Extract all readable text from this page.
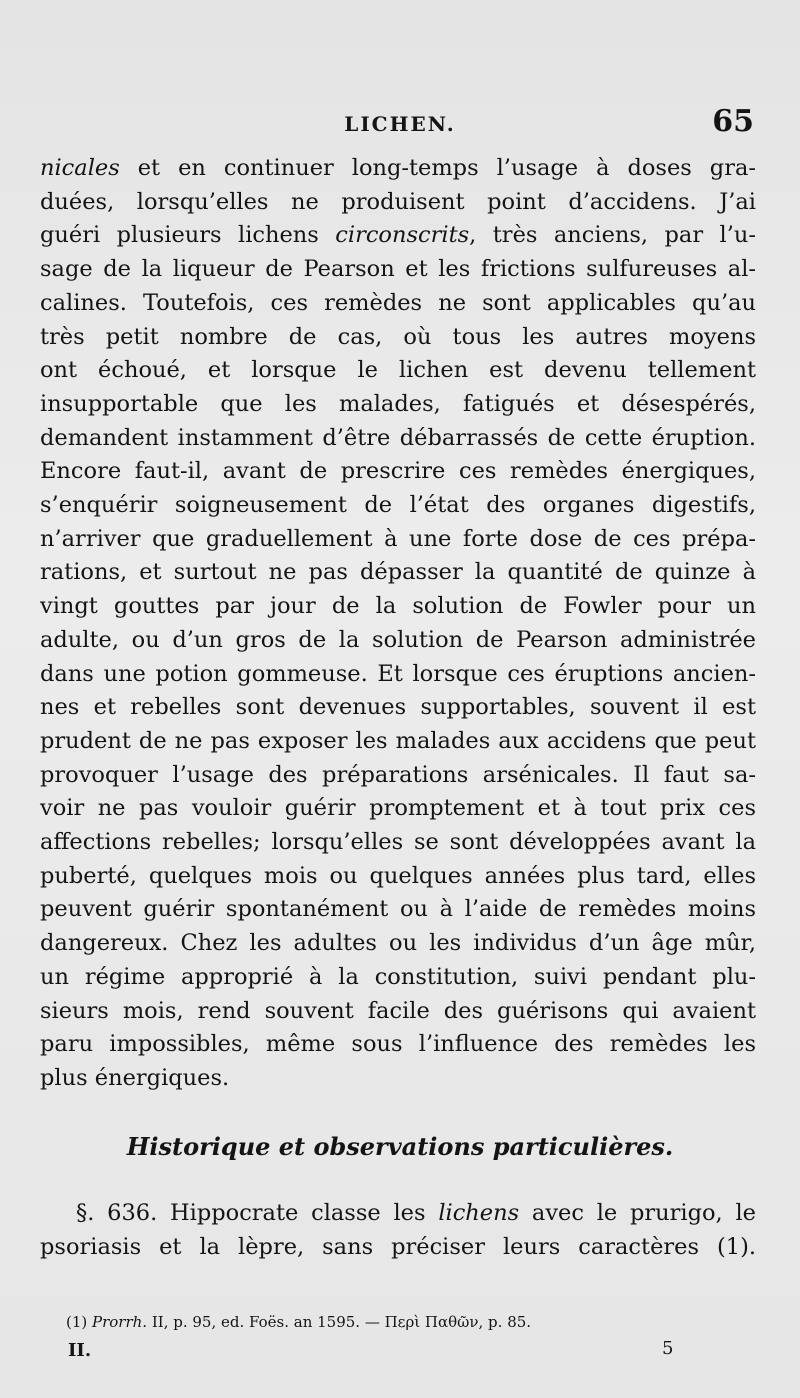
LICHEN.	65
nicales et en continuer long-temps l’usage à doses gra-
duées, lorsqu’elles ne produisent point d’accidens. J’ai
guéri plusieurs lichens circonscrits, très anciens, par l’u-
sage de la liqueur de Pearson et les frictions sulfureuses al-
calines. Toutefois, ces remèdes ne sont applicables qu’au
très petit nombre de cas, où tous les autres moyens
ont échoué, et lorsque le lichen est devenu tellement
insupportable que les malades, fatigués et désespérés,
demandent instamment d’être débarrassés de cette éruption.
Encore faut-il, avant de prescrire ces remèdes énergiques,
s’enquérir soigneusement de l’état des organes digestifs,
n’arriver que graduellement à une forte dose de ces prépa-
rations, et surtout ne pas dépasser la quantité de quinze à
vingt gouttes par jour de la solution de Fowler pour un
adulte, ou d’un gros de la solution de Pearson administrée
dans une potion gommeuse. Et lorsque ces éruptions ancien-
nes et rebelles sont devenues supportables, souvent il est
prudent de ne pas exposer les malades aux accidens que peut
provoquer l’usage des préparations arsénicales. Il faut sa-
voir ne pas vouloir guérir promptement et à tout prix ces
affections rebelles; lorsqu’elles se sont développées avant la
puberté, quelques mois ou quelques années plus tard, elles
peuvent guérir spontanément ou à l’aide de remèdes moins
dangereux. Chez les adultes ou les individus d’un âge mûr,
un régime approprié à la constitution, suivi pendant plu-
sieurs mois, rend souvent facile des guérisons qui avaient
paru impossibles, même sous l’influence des remèdes les
plus énergiques.
Historique et observations particulières.
§. 636. Hippocrate classe les lichens avec le prurigo, le
psoriasis et la lèpre, sans préciser leurs caractères (1).
(1) Prorrh. II, p. 95, ed. Foës. an 1595. — Περὶ Παθῶν, p. 85.
II.	5
